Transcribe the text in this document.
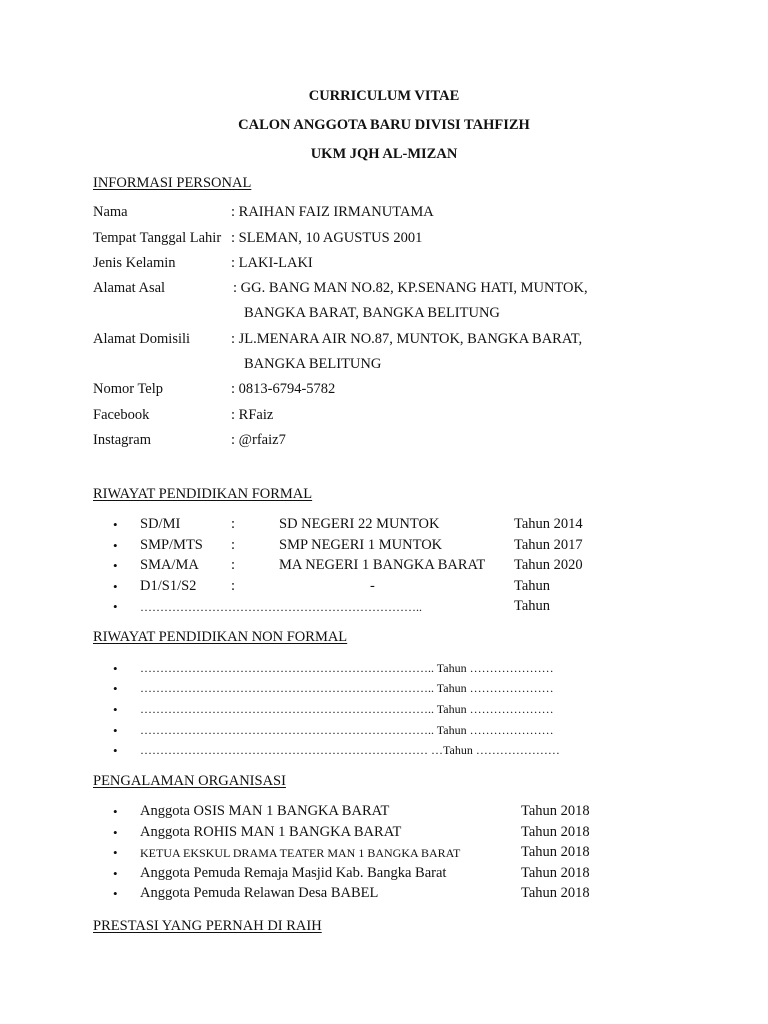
CURRICULUM VITAE
CALON ANGGOTA BARU DIVISI TAHFIZH
UKM JQH AL-MIZAN
INFORMASI PERSONAL
Nama	: RAIHAN FAIZ IRMANUTAMA
Tempat Tanggal Lahir : SLEMAN, 10 AGUSTUS 2001
Jenis Kelamin	: LAKI-LAKI
Alamat Asal	: GG. BANG MAN NO.82, KP.SENANG HATI, MUNTOK,
BANGKA BARAT, BANGKA BELITUNG
Alamat Domisili	: JL.MENARA AIR NO.87, MUNTOK, BANGKA BARAT,
BANGKA BELITUNG
Nomor Telp	: 0813-6794-5782
Facebook	: RFaiz
Instagram	: @rfaiz7
RIWAYAT PENDIDIKAN FORMAL
• SD/MI	:	SD NEGERI 22 MUNTOK	Tahun 2014
• SMP/MTS :	SMP NEGERI 1 MUNTOK	Tahun 2017
• SMA/MA :	MA NEGERI 1 BANGKA BARAT Tahun 2020
• D1/S1/S2 :	-	Tahun
• ……………………………………………………………..	Tahun
RIWAYAT PENDIDIKAN NON FORMAL
• ……………………………………………………………….. Tahun …………………
• ……………………………………………………………….. Tahun …………………
• ……………………………………………………………….. Tahun …………………
• ……………………………………………………………….. Tahun …………………
• ……………………………………………………………… …Tahun …………………
PENGALAMAN ORGANISASI
• Anggota OSIS MAN 1 BANGKA BARAT	Tahun 2018
• Anggota ROHIS MAN 1 BANGKA BARAT	Tahun 2018
• KETUA EKSKUL DRAMA TEATER MAN 1 BANGKA BARAT	Tahun 2018
• Anggota Pemuda Remaja Masjid Kab. Bangka Barat	Tahun 2018
• Anggota Pemuda Relawan Desa BABEL	Tahun 2018
PRESTASI YANG PERNAH DI RAIH
